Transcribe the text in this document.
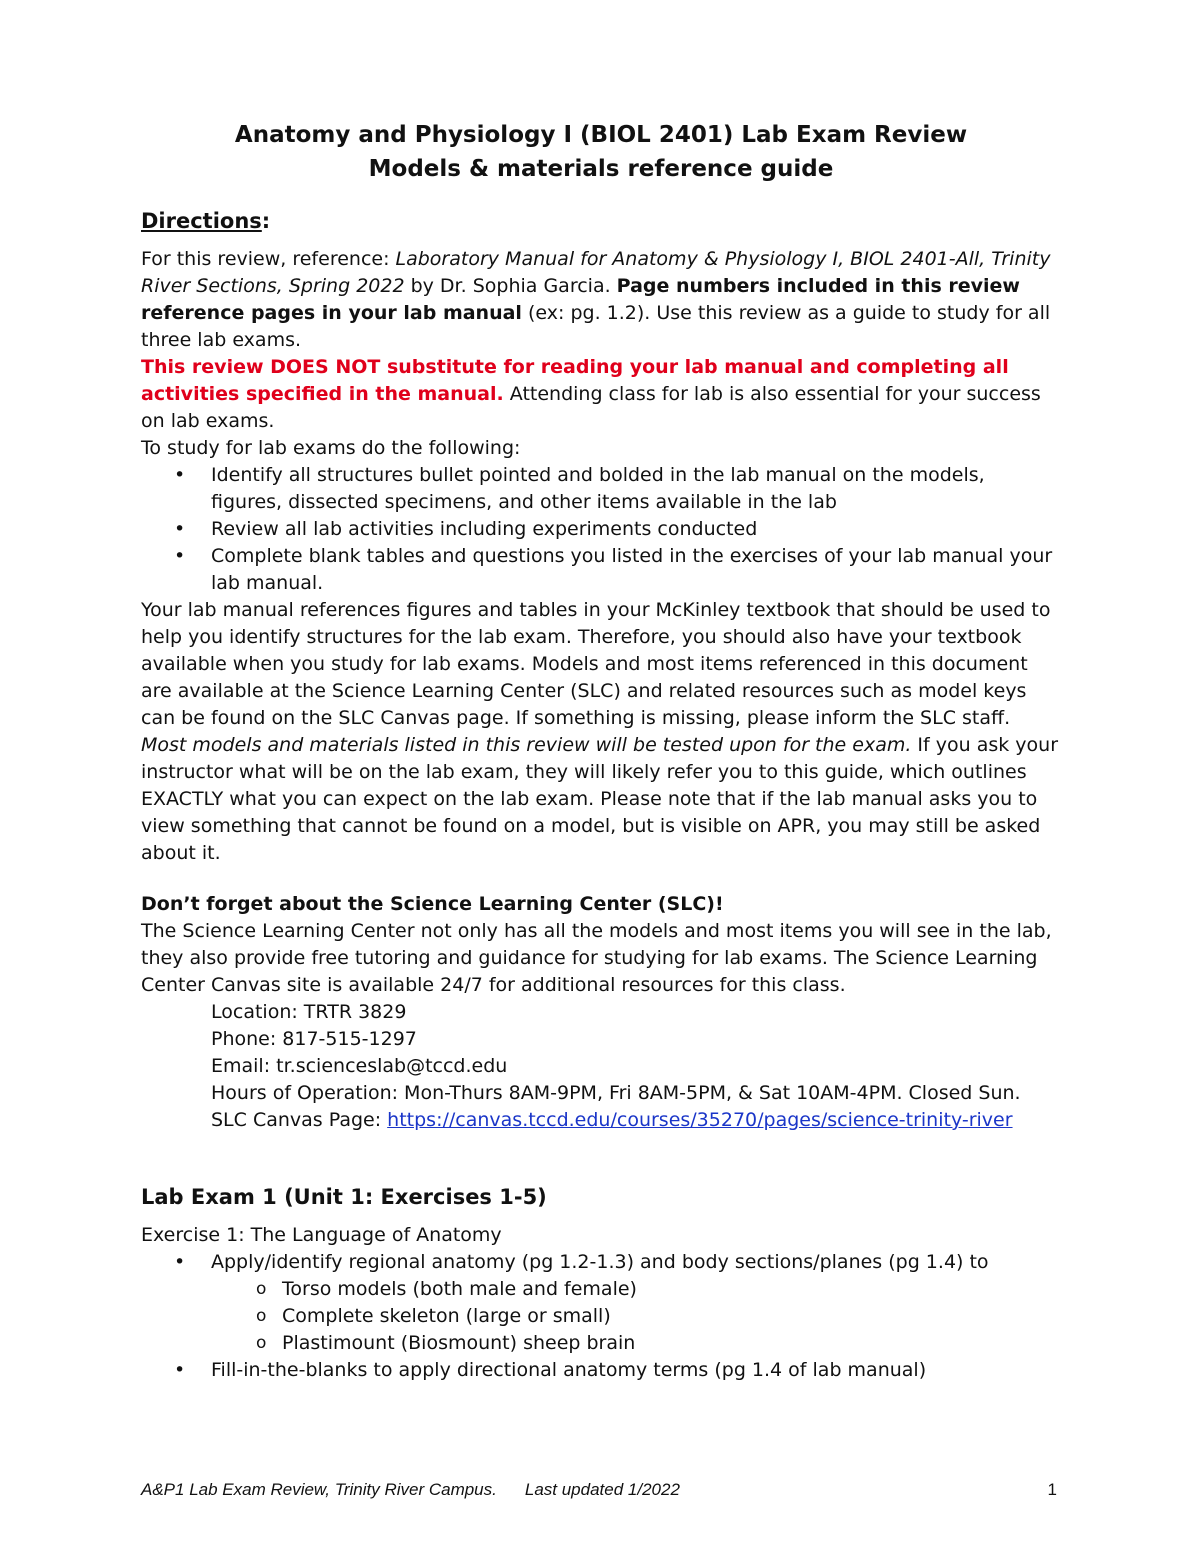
Anatomy and Physiology I (BIOL 2401) Lab Exam Review
Models & materials reference guide
Directions:

For this review, reference: Laboratory Manual for Anatomy & Physiology I, BIOL 2401-All, Trinity River Sections, Spring 2022 by Dr. Sophia Garcia. Page numbers included in this review reference pages in your lab manual (ex: pg. 1.2). Use this review as a guide to study for all three lab exams.

This review DOES NOT substitute for reading your lab manual and completing all activities specified in the manual. Attending class for lab is also essential for your success on lab exams.

To study for lab exams do the following:

• Identify all structures bullet pointed and bolded in the lab manual on the models, figures, dissected specimens, and other items available in the lab
• Review all lab activities including experiments conducted
• Complete blank tables and questions you listed in the exercises of your lab manual your lab manual.

Your lab manual references figures and tables in your McKinley textbook that should be used to help you identify structures for the lab exam. Therefore, you should also have your textbook available when you study for lab exams. Models and most items referenced in this document are available at the Science Learning Center (SLC) and related resources such as model keys can be found on the SLC Canvas page. If something is missing, please inform the SLC staff. Most models and materials listed in this review will be tested upon for the exam. If you ask your instructor what will be on the lab exam, they will likely refer you to this guide, which outlines EXACTLY what you can expect on the lab exam. Please note that if the lab manual asks you to view something that cannot be found on a model, but is visible on APR, you may still be asked about it.

Don’t forget about the Science Learning Center (SLC)!

The Science Learning Center not only has all the models and most items you will see in the lab, they also provide free tutoring and guidance for studying for lab exams. The Science Learning Center Canvas site is available 24/7 for additional resources for this class.

Location: TRTR 3829
Phone: 817-515-1297
Email: tr.scienceslab@tccd.edu
Hours of Operation: Mon-Thurs 8AM-9PM, Fri 8AM-5PM, & Sat 10AM-4PM. Closed Sun.
SLC Canvas Page: https://canvas.tccd.edu/courses/35270/pages/science-trinity-river
Lab Exam 1 (Unit 1: Exercises 1-5)

Exercise 1: The Language of Anatomy

• Apply/identify regional anatomy (pg 1.2-1.3) and body sections/planes (pg 1.4) to
o Torso models (both male and female)
o Complete skeleton (large or small)
o Plastimount (Biosmount) sheep brain
• Fill-in-the-blanks to apply directional anatomy terms (pg 1.4 of lab manual)
A&P1 Lab Exam Review, Trinity River Campus. Last updated 1/2022	1
